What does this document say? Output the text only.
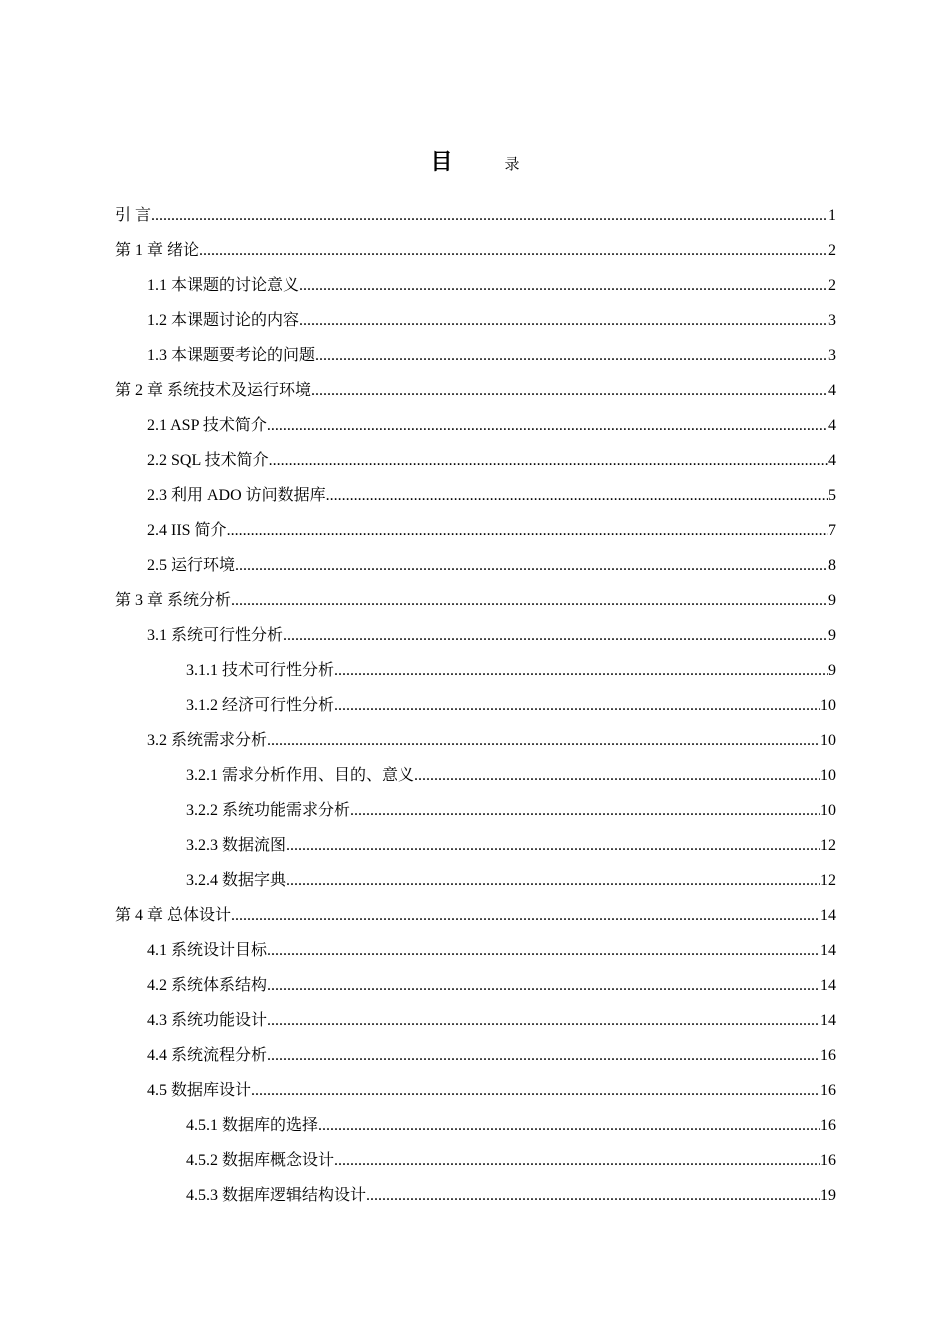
目	录
引 言 .....	1
第 1 章 绪论 .....	2
1.1 本课题的讨论意义 .....	2
1.2 本课题讨论的内容 .....	3
1.3 本课题要考论的问题 .....	3
第 2 章 系统技术及运行环境 .....	4
2.1 ASP 技术简介 .....	4
2.2 SQL 技术简介 .....	4
2.3 利用 ADO 访问数据库 .....	5
2.4 IIS 简介 .....	7
2.5 运行环境 .....	8
第 3 章 系统分析 .....	9
3.1 系统可行性分析 .....	9
3.1.1 技术可行性分析 .....	9
3.1.2 经济可行性分析 .....	10
3.2 系统需求分析 .....	10
3.2.1 需求分析作用、目的、意义 .....	10
3.2.2 系统功能需求分析 .....	10
3.2.3 数据流图 .....	12
3.2.4 数据字典 .....	12
第 4 章 总体设计 .....	14
4.1 系统设计目标 .....	14
4.2 系统体系结构 .....	14
4.3 系统功能设计 .....	14
4.4 系统流程分析 .....	16
4.5 数据库设计 .....	16
4.5.1 数据库的选择 .....	16
4.5.2 数据库概念设计 .....	16
4.5.3 数据库逻辑结构设计 .....	19
